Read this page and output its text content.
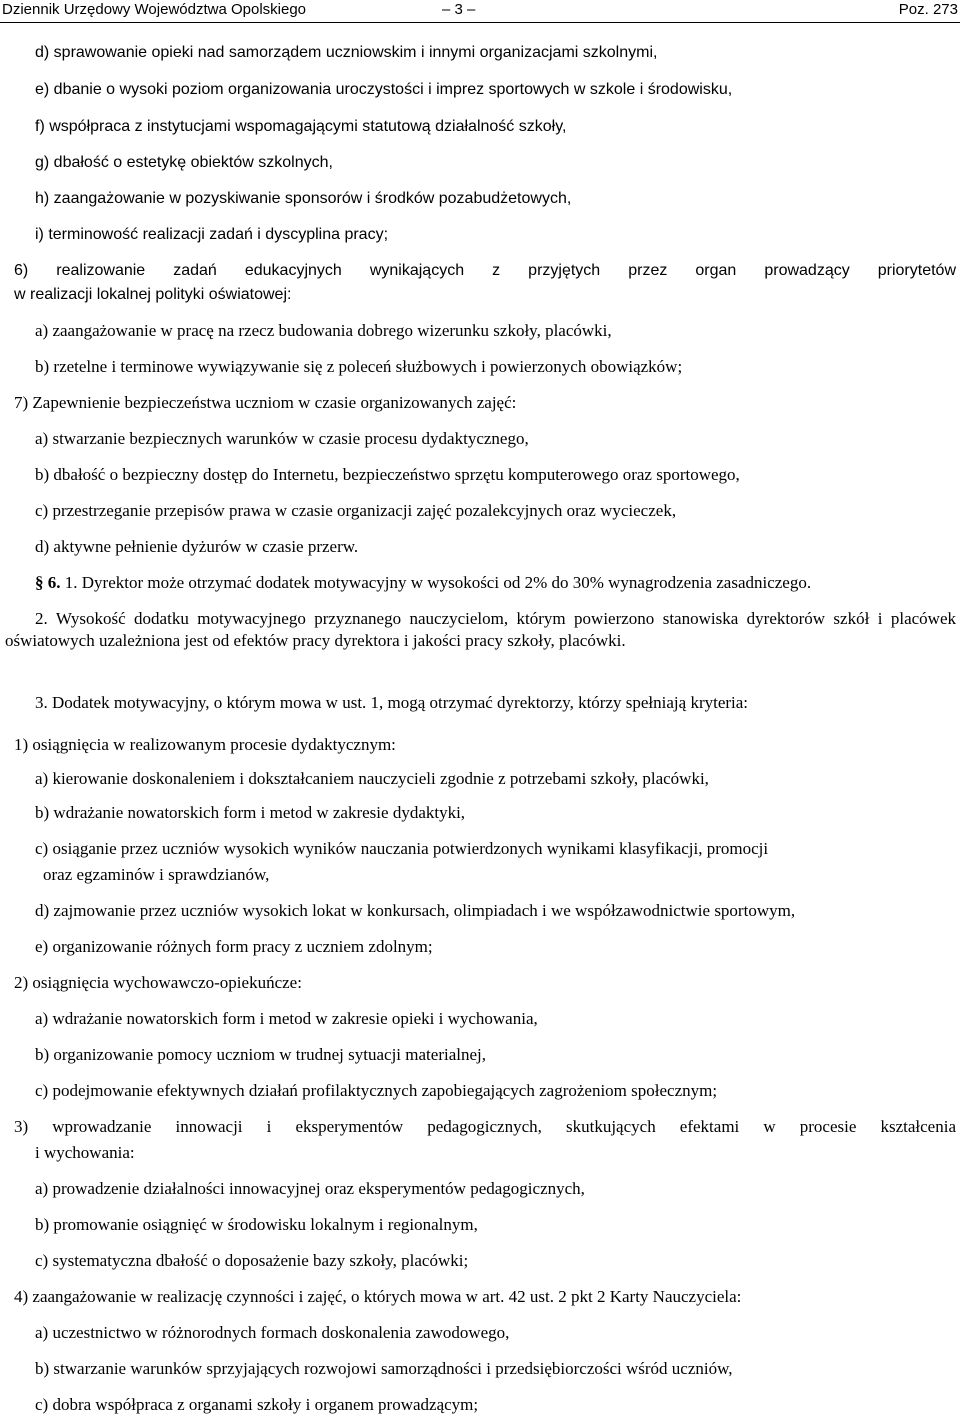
Dziennik Urzędowy Województwa Opolskiego	– 3 –	Poz. 273
d) sprawowanie opieki nad samorządem uczniowskim i innymi organizacjami szkolnymi,
e) dbanie o wysoki poziom organizowania uroczystości i imprez sportowych w szkole i środowisku,
f) współpraca z instytucjami wspomagającymi statutową działalność szkoły,
g) dbałość o estetykę obiektów szkolnych,
h) zaangażowanie w pozyskiwanie sponsorów i środków pozabudżetowych,
i) terminowość realizacji zadań i dyscyplina pracy;
6) realizowanie zadań edukacyjnych wynikających z przyjętych przez organ prowadzący priorytetów
w realizacji lokalnej polityki oświatowej:
a) zaangażowanie w pracę na rzecz budowania dobrego wizerunku szkoły, placówki,
b) rzetelne i terminowe wywiązywanie się z poleceń służbowych i powierzonych obowiązków;
7) Zapewnienie bezpieczeństwa uczniom w czasie organizowanych zajęć:
a) stwarzanie bezpiecznych warunków w czasie procesu dydaktycznego,
b) dbałość o bezpieczny dostęp do Internetu, bezpieczeństwo sprzętu komputerowego oraz sportowego,
c) przestrzeganie przepisów prawa w czasie organizacji zajęć pozalekcyjnych oraz wycieczek,
d) aktywne pełnienie dyżurów w czasie przerw.
§ 6. 1. Dyrektor może otrzymać dodatek motywacyjny w wysokości od 2% do 30% wynagrodzenia zasadniczego.
2. Wysokość dodatku motywacyjnego przyznanego nauczycielom, którym powierzono stanowiska dyrektorów szkół i placówek oświatowych uzależniona jest od efektów pracy dyrektora i jakości pracy szkoły, placówki.
3. Dodatek motywacyjny, o którym mowa w ust. 1, mogą otrzymać dyrektorzy, którzy spełniają kryteria:
1) osiągnięcia w realizowanym procesie dydaktycznym:
a) kierowanie doskonaleniem i dokształcaniem nauczycieli zgodnie z potrzebami szkoły, placówki,
b) wdrażanie nowatorskich form i metod w zakresie dydaktyki,
c) osiąganie przez uczniów wysokich wyników nauczania potwierdzonych wynikami klasyfikacji, promocji
oraz egzaminów i sprawdzianów,
d) zajmowanie przez uczniów wysokich lokat w konkursach, olimpiadach i we współzawodnictwie sportowym,
e) organizowanie różnych form pracy z uczniem zdolnym;
2) osiągnięcia wychowawczo-opiekuńcze:
a) wdrażanie nowatorskich form i metod w zakresie opieki i wychowania,
b) organizowanie pomocy uczniom w trudnej sytuacji materialnej,
c) podejmowanie efektywnych działań profilaktycznych zapobiegających zagrożeniom społecznym;
3) wprowadzanie innowacji i eksperymentów pedagogicznych, skutkujących efektami w procesie kształcenia
i wychowania:
a) prowadzenie działalności innowacyjnej oraz eksperymentów pedagogicznych,
b) promowanie osiągnięć w środowisku lokalnym i regionalnym,
c) systematyczna dbałość o doposażenie bazy szkoły, placówki;
4) zaangażowanie w realizację czynności i zajęć, o których mowa w art. 42 ust. 2 pkt 2 Karty Nauczyciela:
a) uczestnictwo w różnorodnych formach doskonalenia zawodowego,
b) stwarzanie warunków sprzyjających rozwojowi samorządności i przedsiębiorczości wśród uczniów,
c) dobra współpraca z organami szkoły i organem prowadzącym;
